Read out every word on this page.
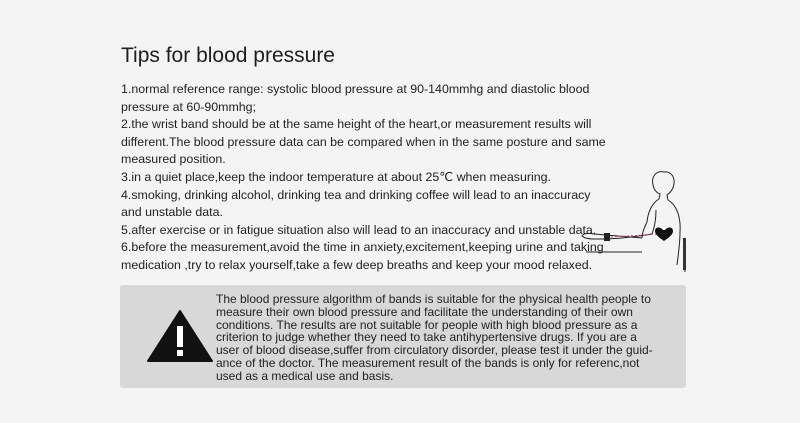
Tips for blood pressure
1.normal reference range: systolic blood pressure at 90-140mmhg and diastolic blood
pressure at 60-90mmhg;
2.the wrist band should be at the same height of the heart,or measurement results will
different.The blood pressure data can be compared when in the same posture and same
measured position.
3.in a quiet place,keep the indoor temperature at about 25℃ when measuring.
4.smoking, drinking alcohol, drinking tea and drinking coffee will lead to an inaccuracy
and unstable data.
5.after exercise or in fatigue situation also will lead to an inaccuracy and unstable data.
6.before the measurement,avoid the time in anxiety,excitement,keeping urine and taking
medication ,try to relax yourself,take a few deep breaths and keep your mood relaxed.
The blood pressure algorithm of bands is suitable for the physical health people to
measure their own blood pressure and facilitate the understanding of their own
conditions. The results are not suitable for people with high blood pressure as a
criterion to judge whether they need to take antihypertensive drugs. If you are a
user of blood disease,suffer from circulatory disorder, please test it under the guid-
ance of the doctor. The measurement result of the bands is only for referenc,not
used as a medical use and basis.
